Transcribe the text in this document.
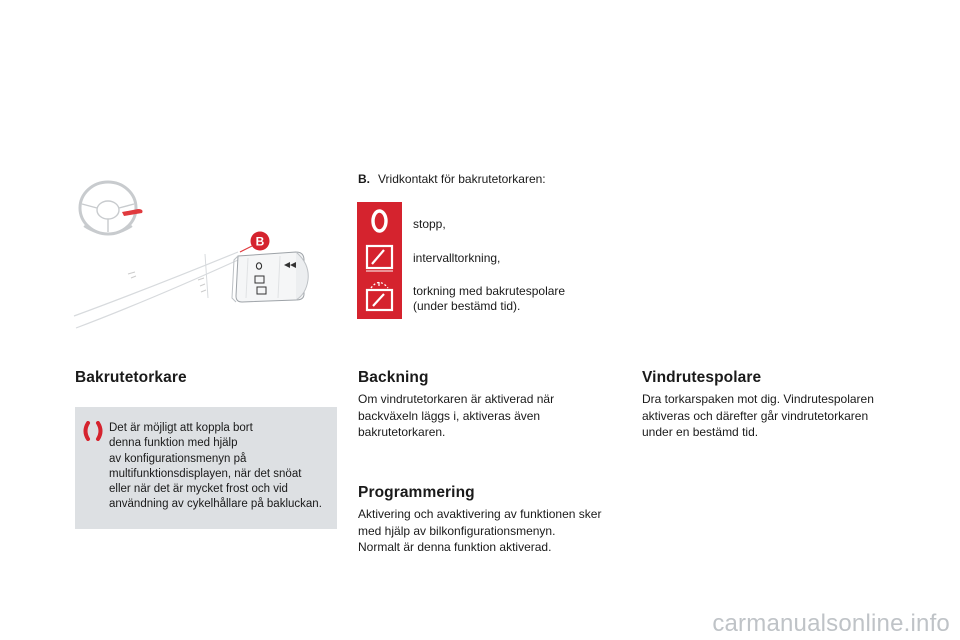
B
B. Vridkontakt för bakrutetorkaren:
stopp,
intervalltorkning,
torkning med bakrutespolare
(under bestämd tid).
Bakrutetorkare
Det är möjligt att koppla bort
denna funktion med hjälp
av konfigurationsmenyn på
multifunktionsdisplayen, när det snöat
eller när det är mycket frost och vid
användning av cykelhållare på bakluckan.
Backning
Om vindrutetorkaren är aktiverad när
backväxeln läggs i, aktiveras även
bakrutetorkaren.
Programmering
Aktivering och avaktivering av funktionen sker
med hjälp av bilkonfigurationsmenyn.
Normalt är denna funktion aktiverad.
Vindrutespolare
Dra torkarspaken mot dig. Vindrutespolaren
aktiveras och därefter går vindrutetorkaren
under en bestämd tid.
carmanualsonline.info
